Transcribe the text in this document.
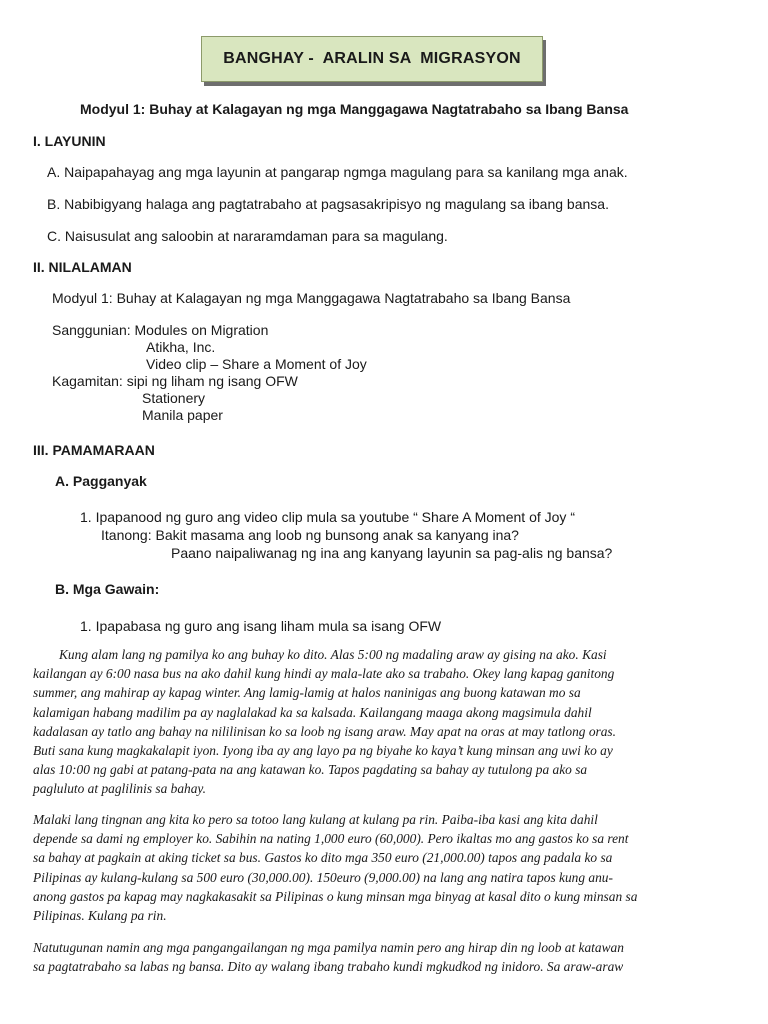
BANGHAY -  ARALIN SA  MIGRASYON
Modyul 1: Buhay at Kalagayan ng mga Manggagawa Nagtatrabaho sa Ibang Bansa
I. LAYUNIN
A. Naipapahayag ang mga layunin at pangarap ngmga magulang para sa kanilang mga anak.
B. Nabibigyang halaga ang pagtatrabaho at pagsasakripisyo ng magulang sa ibang bansa.
C. Naisusulat ang saloobin at nararamdaman para sa magulang.
II. NILALAMAN
Modyul 1: Buhay at Kalagayan ng mga Manggagawa Nagtatrabaho sa Ibang Bansa
Sanggunian: Modules on Migration
Atikha, Inc.
Video clip – Share a Moment of Joy
Kagamitan: sipi ng liham ng isang OFW
Stationery
Manila paper
III. PAMAMARAAN
A. Pagganyak
1. Ipapanood ng guro ang video clip mula sa youtube “ Share A Moment of Joy “
Itanong: Bakit masama ang loob ng bunsong anak sa kanyang ina?
Paano naipaliwanag ng ina ang kanyang layunin sa pag-alis ng bansa?
B. Mga Gawain:
1. Ipapabasa ng guro ang isang liham mula sa isang OFW

Kung alam lang ng pamilya ko ang buhay ko dito. Alas 5:00 ng madaling araw ay gising na ako. Kasi

kailangan ay 6:00 nasa bus na ako dahil kung hindi ay mala-late ako sa trabaho. Okey lang kapag ganitong

summer, ang mahirap ay kapag winter. Ang lamig-lamig at halos naninigas ang buong katawan mo sa

kalamigan habang madilim pa ay naglalakad ka sa kalsada. Kailangang maaga akong magsimula dahil

kadalasan ay tatlo ang bahay na nililinisan ko sa loob ng isang araw. May apat na oras at may tatlong oras.

Buti sana kung magkakalapit iyon. Iyong iba ay ang layo pa ng biyahe ko kaya’t kung minsan ang uwi ko ay

alas 10:00 ng gabi at patang-pata na ang katawan ko. Tapos pagdating sa bahay ay tutulong pa ako sa

pagluluto at paglilinis sa bahay.

Malaki lang tingnan ang kita ko pero sa totoo lang kulang at kulang pa rin. Paiba-iba kasi ang kita dahil

depende sa dami ng employer ko. Sabihin na nating 1,000 euro (60,000). Pero ikaltas mo ang gastos ko sa rent

sa bahay at pagkain at aking ticket sa bus. Gastos ko dito mga 350 euro (21,000.00) tapos ang padala ko sa

Pilipinas ay kulang-kulang sa 500 euro (30,000.00). 150euro (9,000.00) na lang ang natira tapos kung anu-

anong gastos pa kapag may nagkakasakit sa Pilipinas o kung minsan mga binyag at kasal dito o kung minsan sa

Pilipinas. Kulang pa rin.

Natutugunan namin ang mga pangangailangan ng mga pamilya namin pero ang hirap din ng loob at katawan

sa pagtatrabaho sa labas ng bansa. Dito ay walang ibang trabaho kundi mgkudkod ng inidoro. Sa araw-araw
